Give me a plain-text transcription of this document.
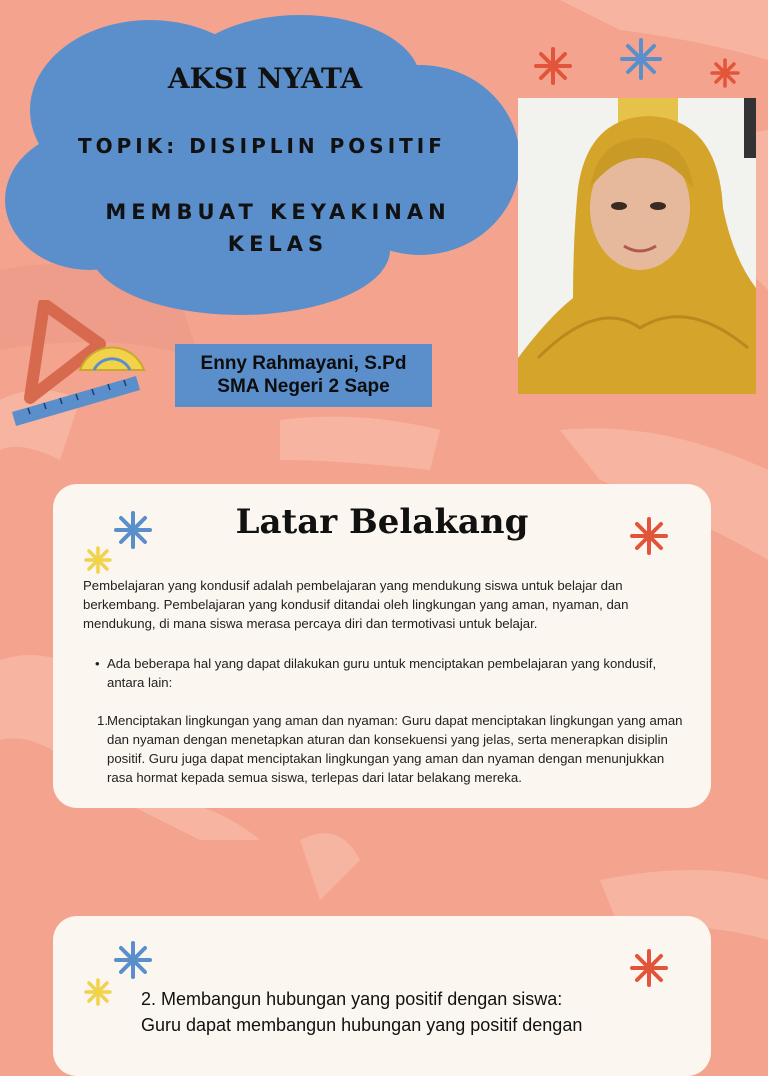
AKSI NYATA
TOPIK: DISIPLIN POSITIF
MEMBUAT KEYAKINAN KELAS
Enny Rahmayani, S.Pd
SMA Negeri 2 Sape
Latar Belakang
Pembelajaran yang kondusif adalah pembelajaran yang mendukung siswa untuk belajar dan berkembang. Pembelajaran yang kondusif ditandai oleh lingkungan yang aman, nyaman, dan mendukung, di mana siswa merasa percaya diri dan termotivasi untuk belajar.
• Ada beberapa hal yang dapat dilakukan guru untuk menciptakan pembelajaran yang kondusif, antara lain:
1. Menciptakan lingkungan yang aman dan nyaman: Guru dapat menciptakan lingkungan yang aman dan nyaman dengan menetapkan aturan dan konsekuensi yang jelas, serta menerapkan disiplin positif. Guru juga dapat menciptakan lingkungan yang aman dan nyaman dengan menunjukkan rasa hormat kepada semua siswa, terlepas dari latar belakang mereka.
2. Membangun hubungan yang positif dengan siswa:
Guru dapat membangun hubungan yang positif dengan
